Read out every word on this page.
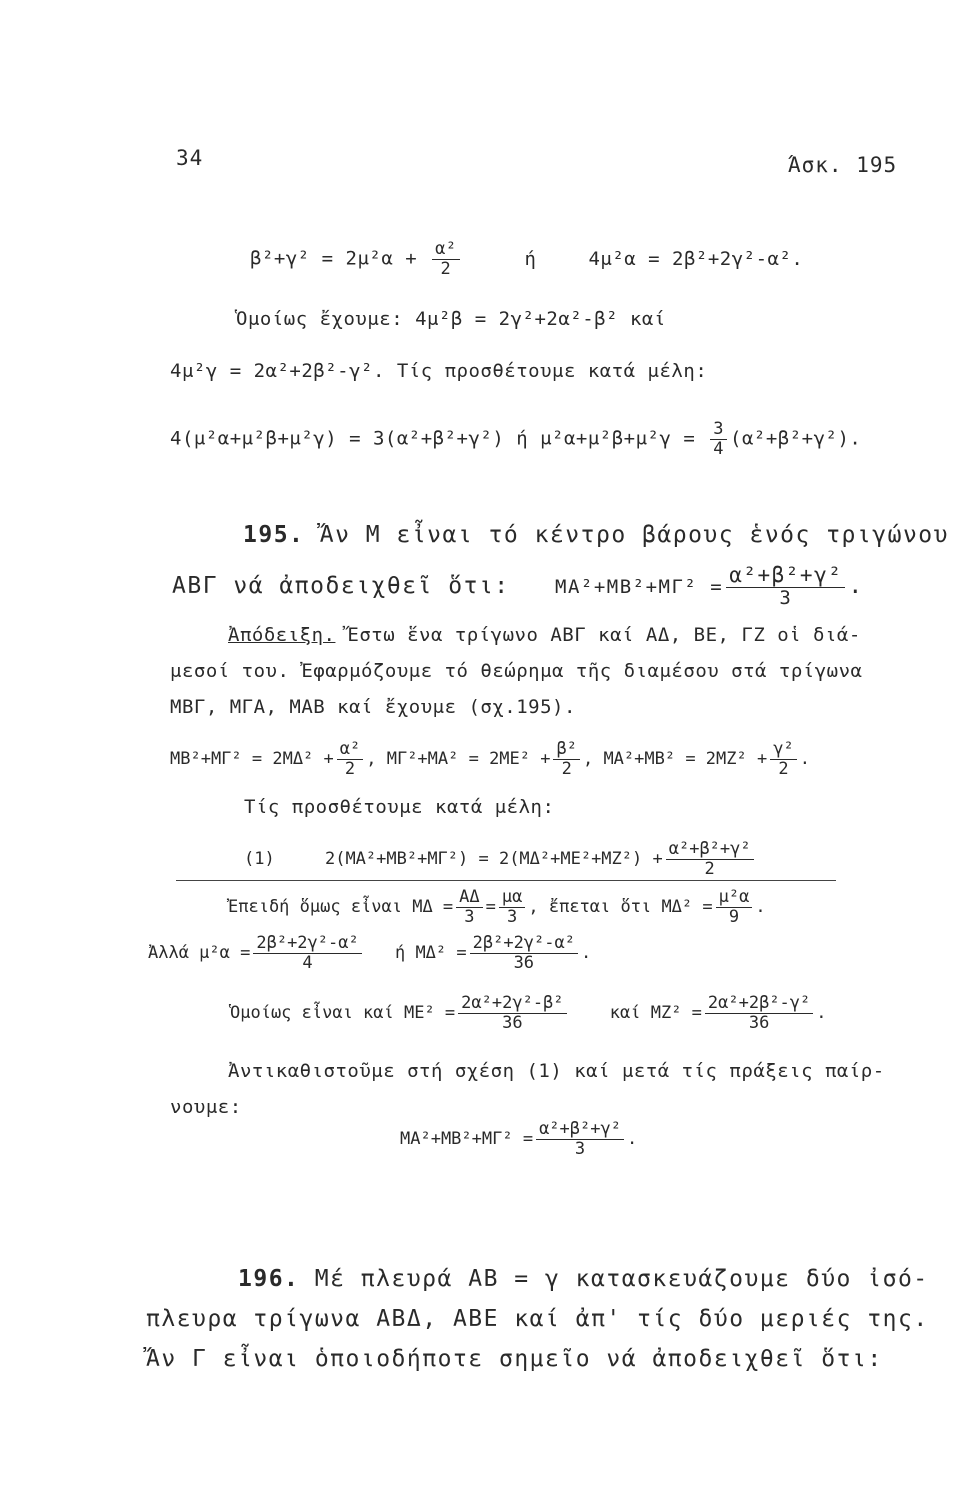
34	Άσκ. 195
$\beta^2+\gamma^2 = 2\mu^2\alpha + \frac{\text{α²}}{2}$	ή	4μ²α = 2β²+2γ²-α².
Ὁμοίως ἔχουμε: 4μ²β = 2γ²+2α²-β² καί
4μ²γ = 2α²+2β²-γ². Τίς προσθέτουμε κατά μέλη:
4(μ²α+μ²β+μ²γ) = 3(α²+β²+γ²) ή $\mu^2\alpha+\mu^2\beta+\mu^2\gamma = \frac{3}{4} (\alpha^2+\beta^2+\gamma^2)$.
195. Ἄν Μ εἶναι τό κέντρο βάρους ἑνός τριγώνου
ΑΒΓ νά ἀποδειχθεῖ ὅτι: $MA^2+MB^2+M\Gamma^2 = \frac{\text{α²+β²+γ²}}{3}$ .
Ἀπόδειξη. Ἔστω ἕνα τρίγωνο ΑΒΓ καί ΑΔ, ΒΕ, ΓΖ οἱ διά-
μεσοί του. Ἐφαρμόζουμε τό θεώρημα τῆς διαμέσου στά τρίγωνα
ΜΒΓ, ΜΓΑ, ΜΑΒ καί ἔχουμε (σχ.195).
$MB^2+M\Gamma^2 = 2M\Delta^2 + \frac{\text{α²}}{2}$ , $M\Gamma^2+MA^2 = 2ME^2 + \frac{\text{β²}}{2}$ , $MA^2+MB^2 = 2MZ^2 + \frac{\text{γ²}}{2}$ .
Τίς προσθέτουμε κατά μέλη:
(1)	$2(MA^2+MB^2+M\Gamma^2) = 2(M\Delta^2+ME^2+MZ^2) + \frac{\text{α²+β²+γ²}}{2}$
Ἐπειδή ὅμως εἶναι $M\Delta = \frac{A\Delta}{3} = \frac{\mu\alpha}{3}$ , ἔπεται ὅτι $M\Delta^2 = \frac{\text{μ²α}}{9}$ .
Ἀλλά $\mu^2\alpha = \frac{\text{2β²+2γ²-α²}}{4}$ ή $M\Delta^2 = \frac{\text{2β²+2γ²-α²}}{36}$ .
Ὁμοίως εἶναι καί $ME^2 = \frac{\text{2α²+2γ²-β²}}{36}$	καί $MZ^2 = \frac{\text{2α²+2β²-γ²}}{36}$ .
Ἀντικαθιστοῦμε στή σχέση (1) καί μετά τίς πράξεις παίρ-
νουμε:
$MA^2+MB^2+M\Gamma^2 = \frac{\text{α²+β²+γ²}}{3}$ .
196. Μέ πλευρά ΑΒ = γ κατασκευάζουμε δύο ἰσό-
πλευρα τρίγωνα ΑΒΔ, ΑΒΕ καί ἀπ' τίς δύο μεριές της.
Ἄν Γ εἶναι ὁποιοδήποτε σημεῖο νά ἀποδειχθεῖ ὅτι:
